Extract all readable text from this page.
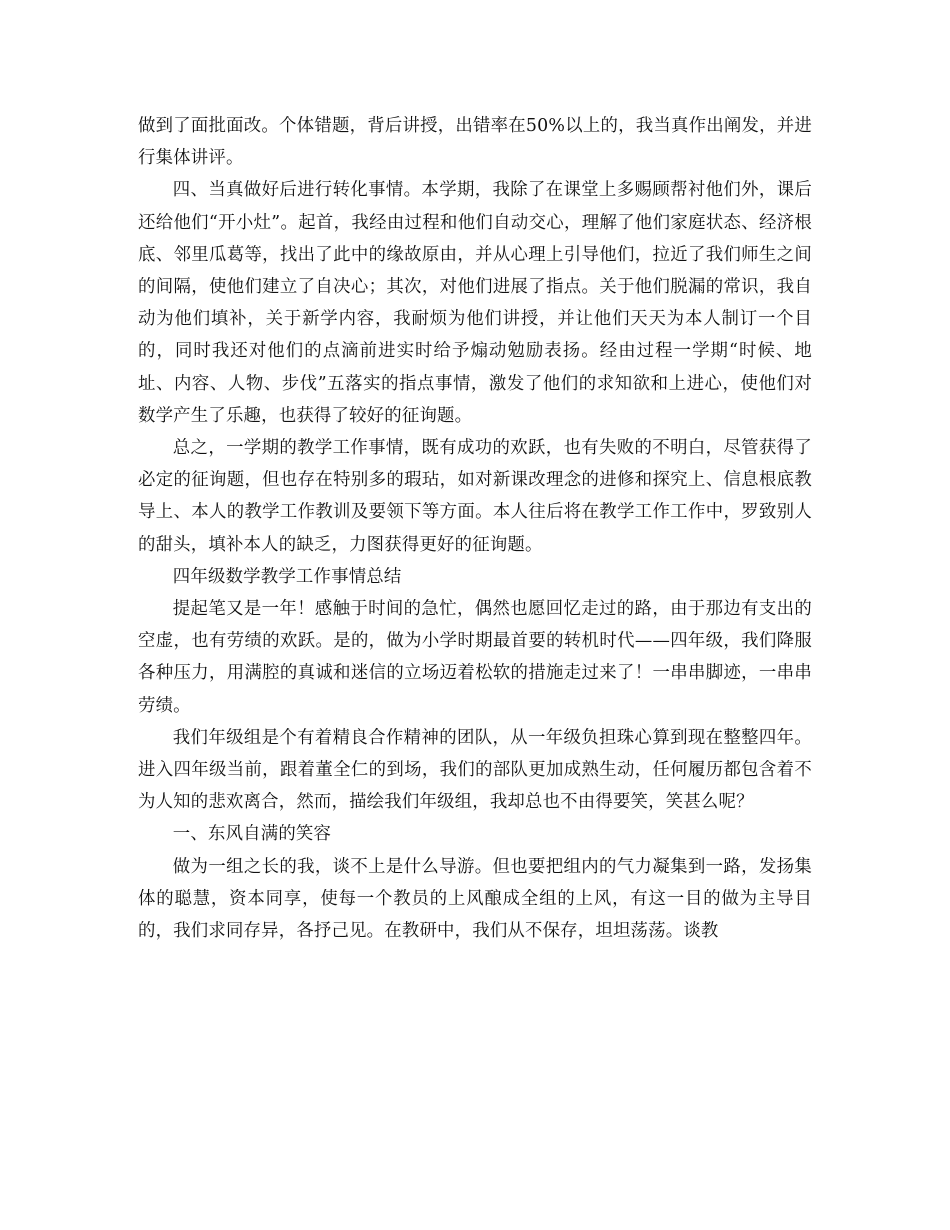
做到了面批面改。个体错题，背后讲授，出错率在50%以上的，我当真作出阐发，并进行集体讲评。

四、当真做好后进行转化事情。本学期，我除了在课堂上多赐顾帮衬他们外，课后还给他们“开小灶”。起首，我经由过程和他们自动交心，理解了他们家庭状态、经济根底、邻里瓜葛等，找出了此中的缘故原由，并从心理上引导他们，拉近了我们师生之间的间隔，使他们建立了自决心；其次，对他们进展了指点。关于他们脱漏的常识，我自动为他们填补，关于新学内容，我耐烦为他们讲授，并让他们天天为本人制订一个目的，同时我还对他们的点滴前进实时给予煽动勉励表扬。经由过程一学期“时候、地址、内容、人物、步伐”五落实的指点事情，激发了他们的求知欲和上进心，使他们对数学产生了乐趣，也获得了较好的征询题。

总之，一学期的教学工作事情，既有成功的欢跃，也有失败的不明白，尽管获得了必定的征询题，但也存在特别多的瑕玷，如对新课改理念的进修和探究上、信息根底教导上、本人的教学工作教训及要领下等方面。本人往后将在教学工作工作中，罗致别人的甜头，填补本人的缺乏，力图获得更好的征询题。

四年级数学教学工作事情总结

提起笔又是一年！感触于时间的急忙，偶然也愿回忆走过的路，由于那边有支出的空虚，也有劳绩的欢跃。是的，做为小学时期最首要的转机时代——四年级，我们降服各种压力，用满腔的真诚和迷信的立场迈着松软的措施走过来了！一串串脚迹，一串串劳绩。

我们年级组是个有着精良合作精神的团队，从一年级负担珠心算到现在整整四年。进入四年级当前，跟着董全仁的到场，我们的部队更加成熟生动，任何履历都包含着不为人知的悲欢离合，然而，描绘我们年级组，我却总也不由得要笑，笑甚么呢？

一、东风自满的笑容

做为一组之长的我，谈不上是什么导游。但也要把组内的气力凝集到一路，发扬集体的聪慧，资本同享，使每一个教员的上风酿成全组的上风，有这一目的做为主导目的，我们求同存异，各抒己见。在教研中，我们从不保存，坦坦荡荡。谈教
